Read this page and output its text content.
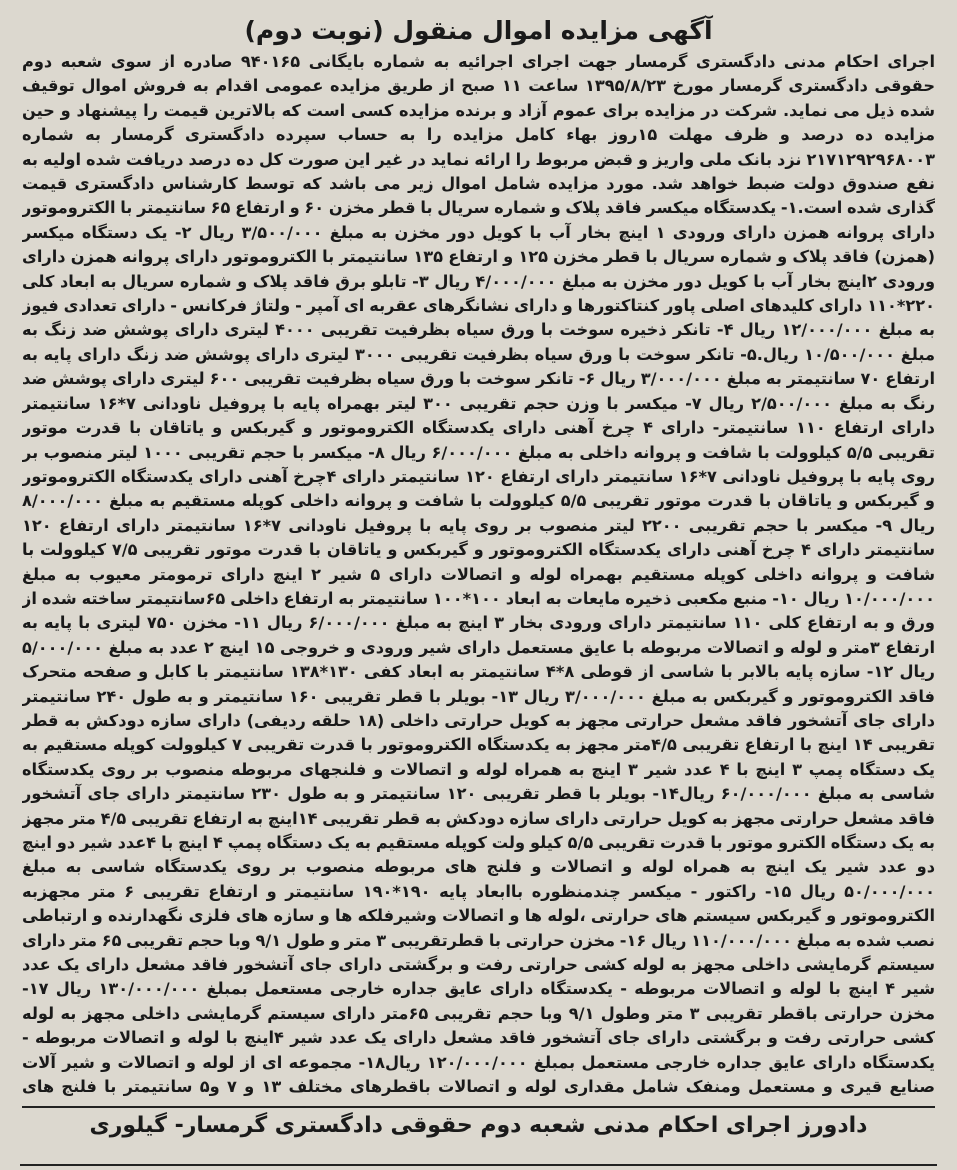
آگهی مزایده اموال منقول (نوبت دوم)
اجرای احکام مدنی دادگستری گرمسار جهت اجرای اجرائیه به شماره بایگانی ۹۴۰۱۶۵ صادره از سوی شعبه دوم حقوقی دادگستری گرمسار مورخ ۱۳۹۵/۸/۲۳ ساعت ۱۱ صبح از طریق مزایده عمومی اقدام به فروش اموال توقیف شده ذیل می نماید. شرکت در مزایده برای عموم آزاد و برنده مزایده کسی است که بالاترین قیمت را پیشنهاد و حین مزایده ده درصد و ظرف مهلت ۱۵روز بهاء کامل مزایده را به حساب سپرده دادگستری گرمسار به شماره ۲۱۷۱۲۹۲۹۶۸۰۰۳ نزد بانک ملی واریز و قبض مربوط را ارائه نماید در غیر این صورت کل ده درصد دریافت شده اولیه به نفع صندوق دولت ضبط خواهد شد. مورد مزایده شامل اموال زیر می باشد که توسط کارشناس دادگستری قیمت گذاری شده است.۱- یکدستگاه میکسر فاقد پلاک و شماره سریال با قطر مخزن ۶۰ و ارتفاع ۶۵ سانتیمتر با الکتروموتور دارای پروانه همزن دارای ورودی ۱ اینچ بخار آب با کویل دور مخزن به مبلغ ۳/۵۰۰/۰۰۰ ریال ۲- یک دستگاه میکسر (همزن) فاقد پلاک و شماره سریال با قطر مخزن ۱۲۵ و ارتفاع ۱۳۵ سانتیمتر با الکتروموتور دارای پروانه همزن دارای ورودی ۲اینچ بخار آب با کویل دور مخزن به مبلغ ۴/۰۰۰/۰۰۰ ریال ۳- تابلو برق فاقد پلاک و شماره سریال به ابعاد کلی ۲۲۰*۱۱۰ دارای کلیدهای اصلی پاور کنتاکتورها و دارای نشانگرهای عقربه ای آمپر - ولتاژ فرکانس - دارای تعدادی فیوز به مبلغ ۱۲/۰۰۰/۰۰۰ ریال ۴- تانکر ذخیره سوخت با ورق سیاه بظرفیت تقریبی ۴۰۰۰ لیتری دارای پوشش ضد زنگ به مبلغ ۱۰/۵۰۰/۰۰۰ ریال.۵- تانکر سوخت با ورق سیاه بظرفیت تقریبی ۳۰۰۰ لیتری دارای پوشش ضد زنگ دارای پایه به ارتفاع ۷۰ سانتیمتر به مبلغ ۳/۰۰۰/۰۰۰ ریال ۶- تانکر سوخت با ورق سیاه بظرفیت تقریبی ۶۰۰ لیتری دارای پوشش ضد رنگ به مبلغ ۲/۵۰۰/۰۰۰ ریال ۷- میکسر با وزن حجم تقریبی ۳۰۰ لیتر بهمراه پایه با پروفیل ناودانی ۷*۱۶ سانتیمتر دارای ارتفاع ۱۱۰ سانتیمتر- دارای ۴ چرخ آهنی دارای یکدستگاه الکتروموتور و گیربکس و یاتاقان با قدرت موتور تقریبی ۵/۵ کیلوولت با شافت و پروانه داخلی به مبلغ ۶/۰۰۰/۰۰۰ ریال ۸- میکسر با حجم تقریبی ۱۰۰۰ لیتر منصوب بر روی پایه با پروفیل ناودانی ۷*۱۶ سانتیمتر دارای ارتفاع ۱۲۰ سانتیمتر دارای ۴چرخ آهنی دارای یکدستگاه الکتروموتور و گیربکس و یاتاقان با قدرت موتور تقریبی ۵/۵ کیلوولت با شافت و پروانه داخلی کوپله مستقیم به مبلغ ۸/۰۰۰/۰۰۰ ریال ۹- میکسر با حجم تقریبی ۲۲۰۰ لیتر منصوب بر روی پایه با پروفیل ناودانی ۷*۱۶ سانتیمتر دارای ارتفاع ۱۲۰ سانتیمتر دارای ۴ چرخ آهنی دارای یکدستگاه الکتروموتور و گیربکس و یاتاقان با قدرت موتور تقریبی ۷/۵ کیلوولت با شافت و پروانه داخلی کوپله مستقیم بهمراه لوله و اتصالات دارای ۵ شیر ۲ اینچ دارای ترمومتر معیوب به مبلغ ۱۰/۰۰۰/۰۰۰ ریال ۱۰- منبع مکعبی ذخیره مایعات به ابعاد ۱۰۰*۱۰۰ سانتیمتر به ارتفاع داخلی ۶۵سانتیمتر ساخته شده از ورق و به ارتفاع کلی ۱۱۰ سانتیمتر دارای ورودی بخار ۳ اینچ به مبلغ ۶/۰۰۰/۰۰۰ ریال ۱۱- مخزن ۷۵۰ لیتری با پایه به ارتفاع ۳متر و لوله و اتصالات مربوطه با عایق مستعمل دارای شیر ورودی و خروجی ۱۵ اینچ ۲ عدد به مبلغ ۵/۰۰۰/۰۰۰ ریال ۱۲- سازه پایه بالابر با شاسی از قوطی ۸*۴ سانتیمتر به ابعاد کفی ۱۳۰*۱۳۸ سانتیمتر با کابل و صفحه متحرک فاقد الکتروموتور و گیربکس به مبلغ ۳/۰۰۰/۰۰۰ ریال ۱۳- بویلر با قطر تقریبی ۱۶۰ سانتیمتر و به طول ۲۴۰ سانتیمتر دارای جای آتشخور فاقد مشعل حرارتی مجهز به کویل حرارتی داخلی (۱۸ حلقه ردیفی) دارای سازه دودکش به قطر تقریبی ۱۴ اینچ با ارتفاع تقریبی ۴/۵متر مجهز به یکدستگاه الکتروموتور با قدرت تقریبی ۷ کیلوولت کوپله مستقیم به یک دستگاه پمپ ۳ اینچ با ۴ عدد شیر ۳ اینچ به همراه لوله و اتصالات و فلنجهای مربوطه منصوب بر روی یکدستگاه شاسی به مبلغ ۶۰/۰۰۰/۰۰۰ ریال۱۴- بویلر با قطر تقریبی ۱۲۰ سانتیمتر و به طول ۲۳۰ سانتیمتر دارای جای آتشخور فاقد مشعل حرارتی مجهز به کویل حرارتی دارای سازه دودکش به قطر تقریبی ۱۴اینچ به ارتفاع تقریبی ۴/۵ متر مجهز به یک دستگاه الکترو موتور با قدرت تقریبی ۵/۵ کیلو ولت کوپله مستقیم به یک دستگاه پمپ ۴ اینچ با ۴عدد شیر دو اینچ دو عدد شیر یک اینچ به همراه لوله و اتصالات و فلنج های مربوطه منصوب بر روی یکدستگاه شاسی به مبلغ ۵۰/۰۰۰/۰۰۰ ریال ۱۵- راکتور - میکسر چندمنظوره باابعاد پایه ۱۹۰*۱۹۰ سانتیمتر و ارتفاع تقریبی ۶ متر مجهزبه الکتروموتور و گیربکس سیستم های حرارتی ،لوله ها و اتصالات وشیرفلکه ها و سازه های فلزی نگهدارنده و ارتباطی نصب شده به مبلغ ۱۱۰/۰۰۰/۰۰۰ ریال ۱۶- مخزن حرارتی با قطرتقریبی ۳ متر و طول ۹/۱ وبا حجم تقریبی ۶۵ متر دارای سیستم گرمایشی داخلی مجهز به لوله کشی حرارتی رفت و برگشتی دارای جای آتشخور فاقد مشعل دارای یک عدد شیر ۴ اینچ با لوله و اتصالات مربوطه - یکدستگاه دارای عایق جداره خارجی مستعمل بمبلغ ۱۳۰/۰۰۰/۰۰۰ ریال ۱۷- مخزن حرارتی باقطر تقریبی ۳ متر وطول ۹/۱ وبا حجم تقریبی ۶۵متر دارای سیستم گرمایشی داخلی مجهز به لوله کشی حرارتی رفت و برگشتی دارای جای آتشخور فاقد مشعل دارای یک عدد شیر ۴اینچ با لوله و اتصالات مربوطه - یکدستگاه دارای عایق جداره خارجی مستعمل بمبلغ ۱۲۰/۰۰۰/۰۰۰ ریال۱۸- مجموعه ای از لوله و اتصالات و شیر آلات صنایع قیری و مستعمل ومنفک شامل مقداری لوله و اتصالات باقطرهای مختلف ۱۳ و ۷ و۵ سانتیمتر با فلنج های
دادورز اجرای احکام مدنی شعبه دوم حقوقی دادگستری گرمسار- گیلوری
